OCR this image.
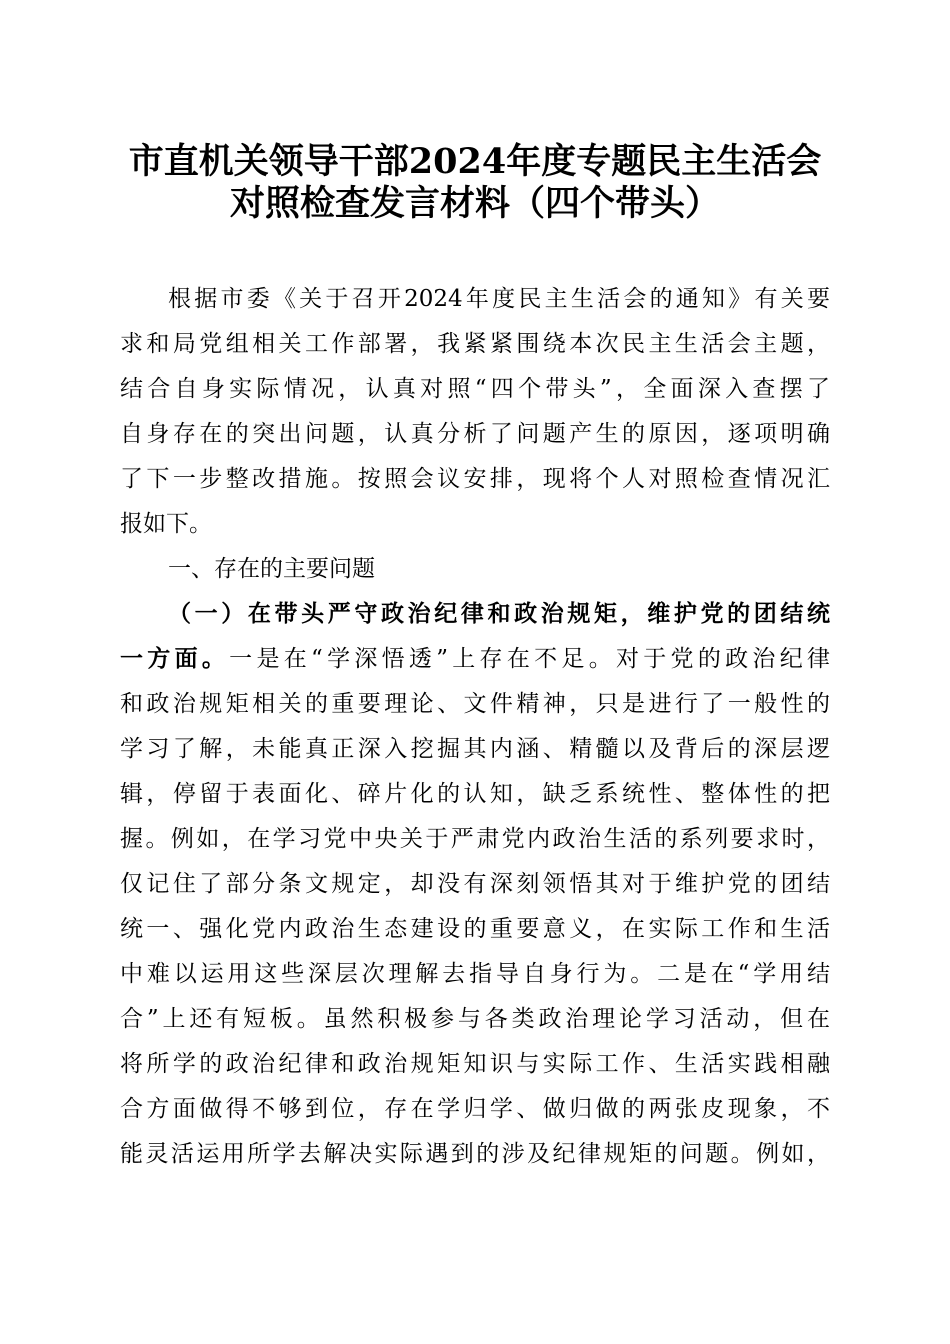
市直机关领导干部2024年度专题民主生活会
对照检查发言材料（四个带头）
根据市委《关于召开2024年度民主生活会的通知》有关要
求和局党组相关工作部署，我紧紧围绕本次民主生活会主题，
结合自身实际情况，认真对照“四个带头”，全面深入查摆了
自身存在的突出问题，认真分析了问题产生的原因，逐项明确
了下一步整改措施。按照会议安排，现将个人对照检查情况汇
报如下。
一、存在的主要问题
（一）在带头严守政治纪律和政治规矩，维护党的团结统
一方面。一是在“学深悟透”上存在不足。对于党的政治纪律
和政治规矩相关的重要理论、文件精神，只是进行了一般性的
学习了解，未能真正深入挖掘其内涵、精髓以及背后的深层逻
辑，停留于表面化、碎片化的认知，缺乏系统性、整体性的把
握。例如，在学习党中央关于严肃党内政治生活的系列要求时，
仅记住了部分条文规定，却没有深刻领悟其对于维护党的团结
统一、强化党内政治生态建设的重要意义，在实际工作和生活
中难以运用这些深层次理解去指导自身行为。二是在“学用结
合”上还有短板。虽然积极参与各类政治理论学习活动，但在
将所学的政治纪律和政治规矩知识与实际工作、生活实践相融
合方面做得不够到位，存在学归学、做归做的两张皮现象，不
能灵活运用所学去解决实际遇到的涉及纪律规矩的问题。例如，
